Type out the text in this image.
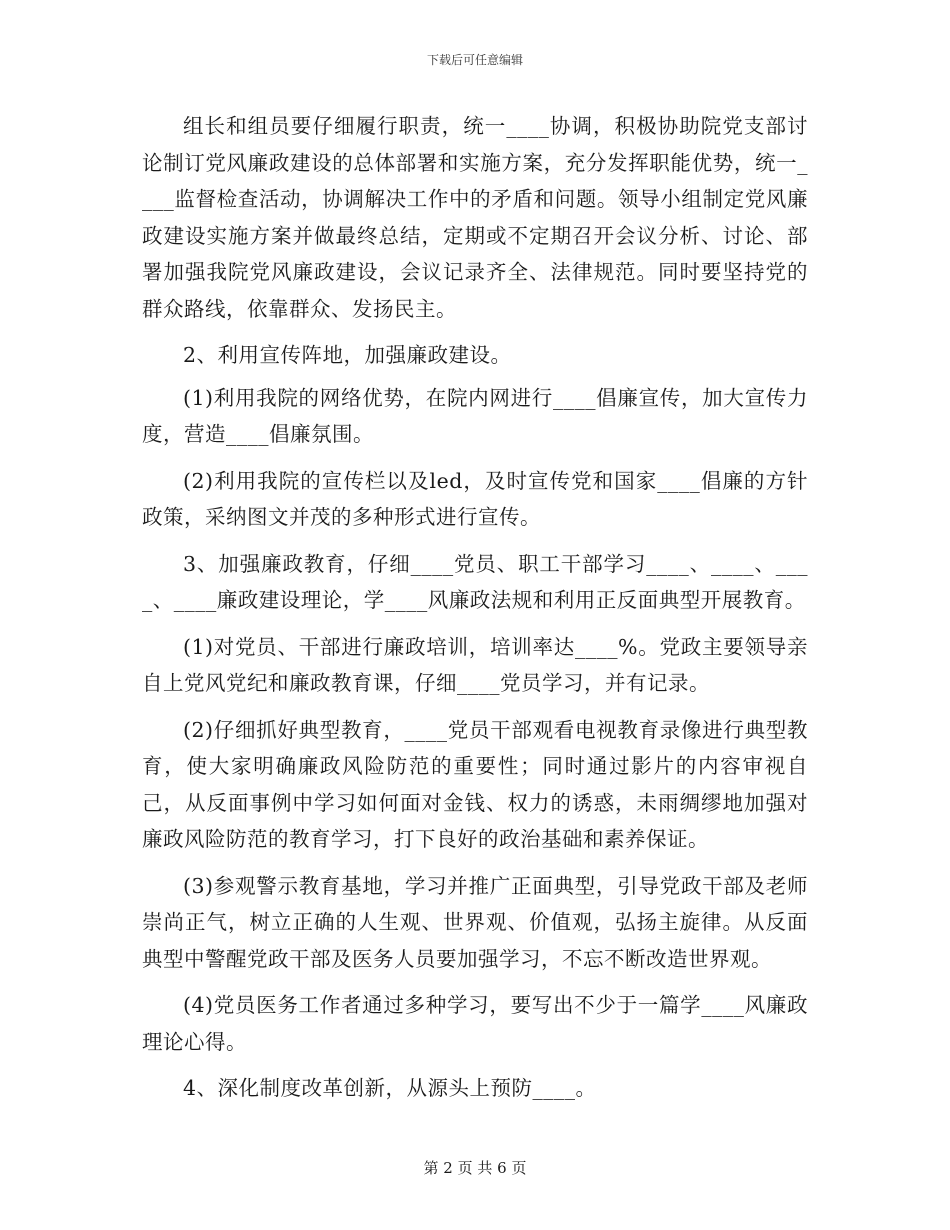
下载后可任意编辑

组长和组员要仔细履行职责，统一____协调，积极协助院党支部讨论制订党风廉政建设的总体部署和实施方案，充分发挥职能优势，统一____监督检查活动，协调解决工作中的矛盾和问题。领导小组制定党风廉政建设实施方案并做最终总结，定期或不定期召开会议分析、讨论、部署加强我院党风廉政建设，会议记录齐全、法律规范。同时要坚持党的群众路线，依靠群众、发扬民主。

2、利用宣传阵地，加强廉政建设。

(1)利用我院的网络优势，在院内网进行____倡廉宣传，加大宣传力度，营造____倡廉氛围。

(2)利用我院的宣传栏以及led，及时宣传党和国家____倡廉的方针政策，采纳图文并茂的多种形式进行宣传。

3、加强廉政教育，仔细____党员、职工干部学习____、____、____、____廉政建设理论，学____风廉政法规和利用正反面典型开展教育。

(1)对党员、干部进行廉政培训，培训率达____%。党政主要领导亲自上党风党纪和廉政教育课，仔细____党员学习，并有记录。

(2)仔细抓好典型教育，____党员干部观看电视教育录像进行典型教育，使大家明确廉政风险防范的重要性；同时通过影片的内容审视自己，从反面事例中学习如何面对金钱、权力的诱惑，未雨绸缪地加强对廉政风险防范的教育学习，打下良好的政治基础和素养保证。

(3)参观警示教育基地，学习并推广正面典型，引导党政干部及老师崇尚正气，树立正确的人生观、世界观、价值观，弘扬主旋律。从反面典型中警醒党政干部及医务人员要加强学习，不忘不断改造世界观。

(4)党员医务工作者通过多种学习，要写出不少于一篇学____风廉政理论心得。

4、深化制度改革创新，从源头上预防____。

第 2 页 共 6 页
